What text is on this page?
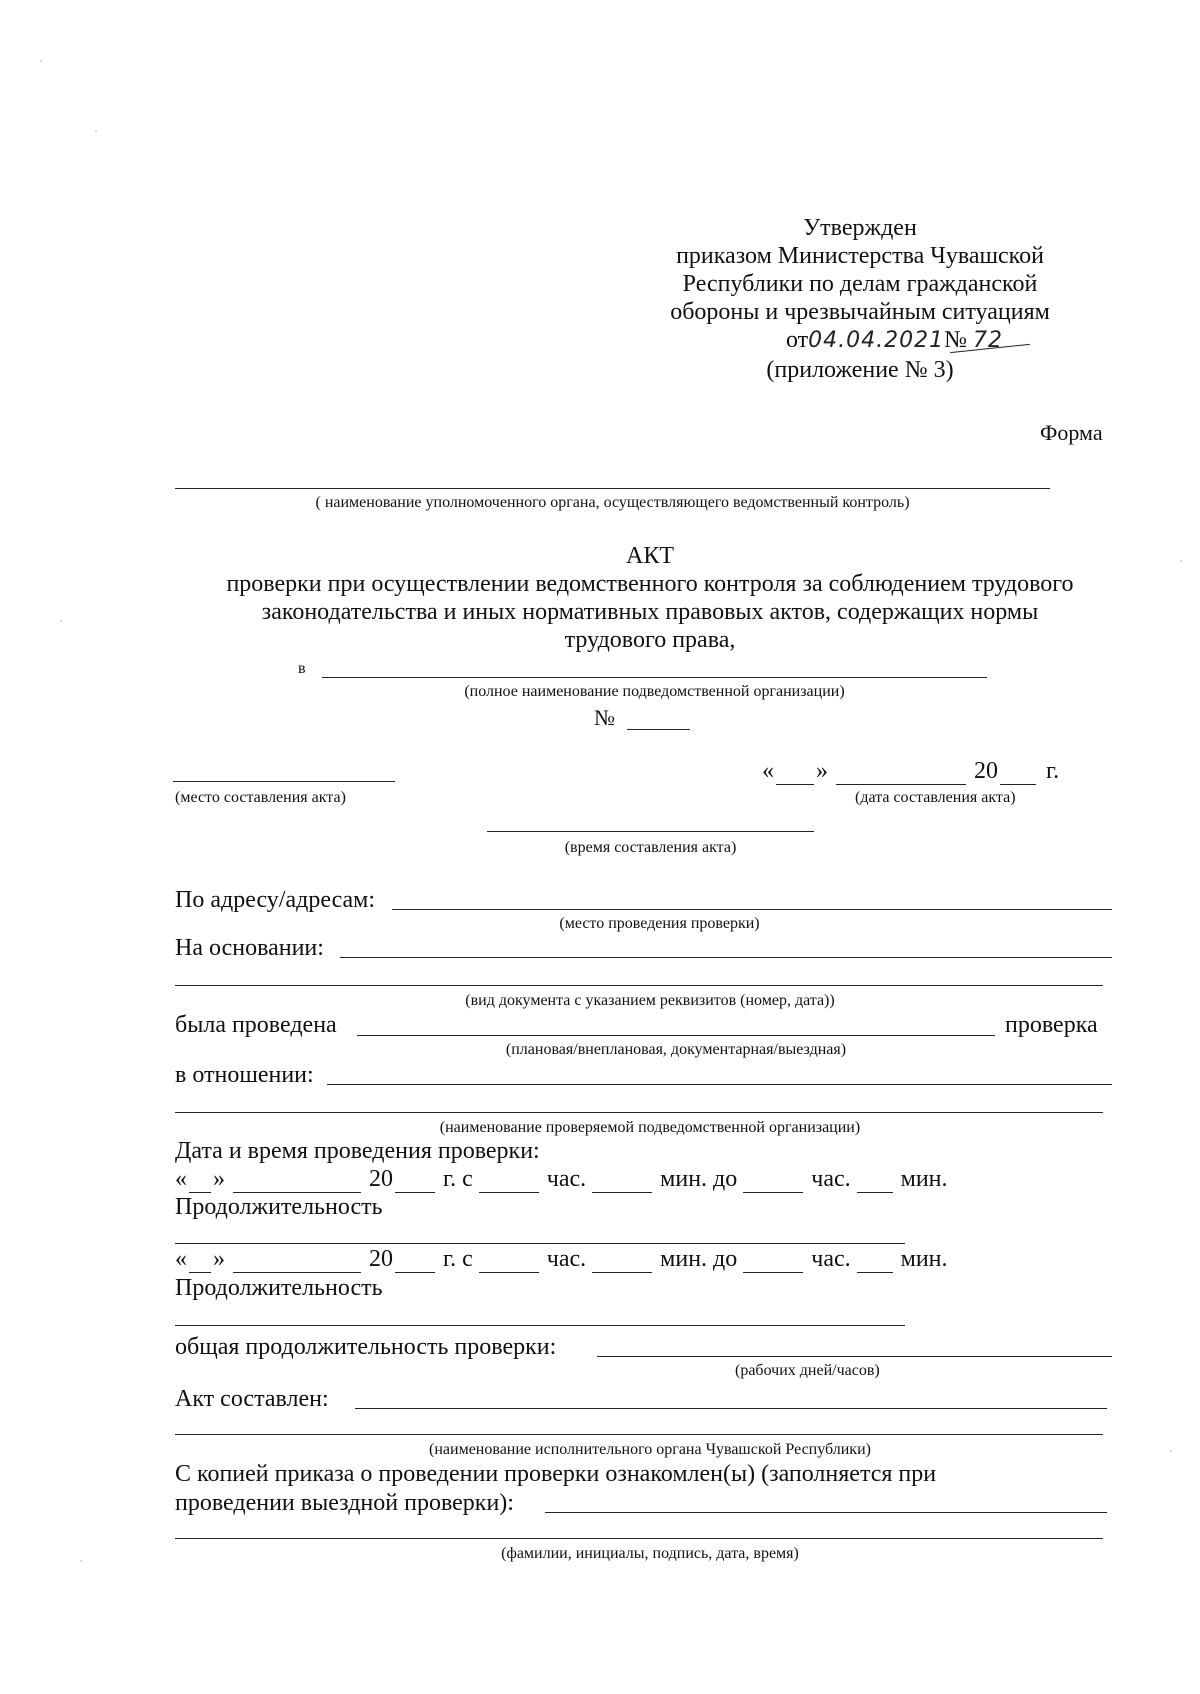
Утвержден
приказом Министерства Чувашской
Республики по делам гражданской
обороны и чрезвычайным ситуациям
от04.04.2021№ 72
(приложение № 3)
Форма
( наименование уполномоченного органа, осуществляющего ведомственный контроль)
АКТ
проверки при осуществлении ведомственного контроля за соблюдением трудового
законодательства и иных нормативных правовых актов, содержащих нормы
трудового права,
в
(полное наименование подведомственной организации)
№
(место составления акта)
« »	20 г.
(дата составления акта)
(время составления акта)
По адресу/адресам:
(место проведения проверки)
На основании:
(вид документа с указанием реквизитов (номер, дата))
была проведена	проверка
(плановая/внеплановая, документарная/выездная)
в отношении:
(наименование проверяемой подведомственной организации)
Дата и время проведения проверки:
« »	20 г. с	час.	мин. до	час. мин.
Продолжительность
« »	20 г. с	час.	мин. до	час. мин.
Продолжительность
общая продолжительность проверки:
(рабочих дней/часов)
Акт составлен:
(наименование исполнительного органа Чувашской Республики)
С копией приказа о проведении проверки ознакомлен(ы) (заполняется при
проведении выездной проверки):
(фамилии, инициалы, подпись, дата, время)
